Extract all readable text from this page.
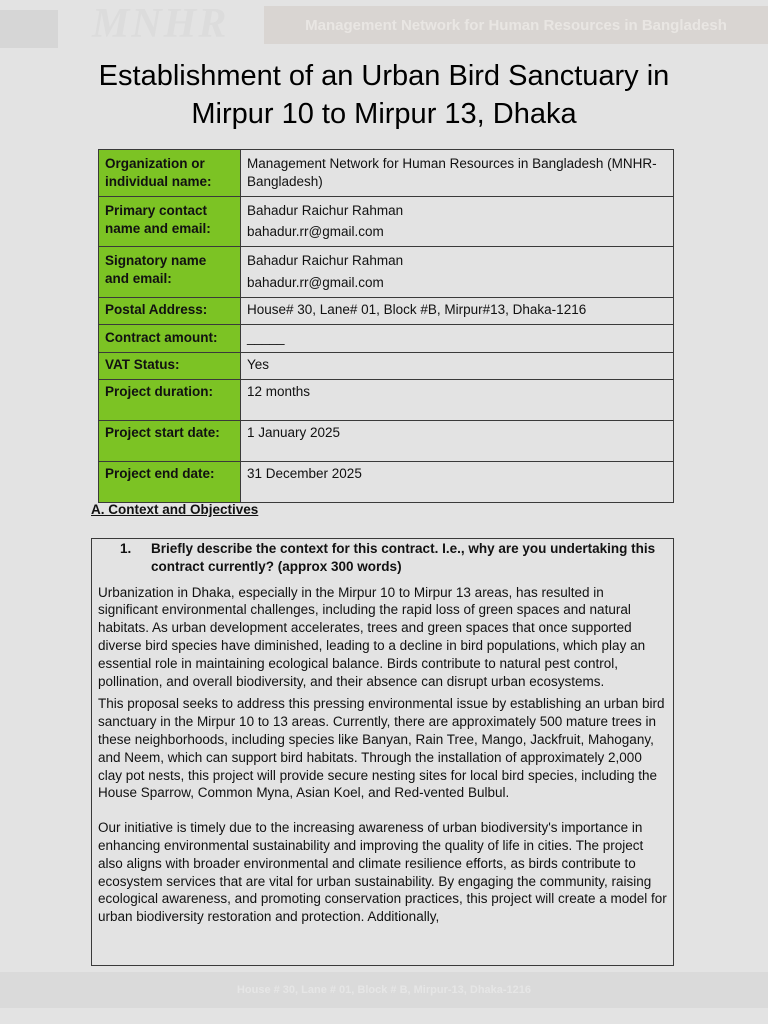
MNHR	Management Network for Human Resources in Bangladesh
Establishment of an Urban Bird Sanctuary in Mirpur 10 to Mirpur 13, Dhaka
Organization or individual name:	Management Network for Human Resources in Bangladesh (MNHR-Bangladesh)
Primary contact name and email:	Bahadur Raichur Rahman
bahadur.rr@gmail.com

Signatory name and email:	Bahadur Raichur Rahman
bahadur.rr@gmail.com

Postal Address:	House# 30, Lane# 01, Block #B, Mirpur#13, Dhaka-1216
Contract amount:	_____
VAT Status:	Yes
Project duration:	12 months
Project start date:	1 January 2025
Project end date:	31 December 2025
A. Context and Objectives
1.	Briefly describe the context for this contract. I.e., why are you undertaking this contract currently? (approx 300 words)

Urbanization in Dhaka, especially in the Mirpur 10 to Mirpur 13 areas, has resulted in significant environmental challenges, including the rapid loss of green spaces and natural habitats. As urban development accelerates, trees and green spaces that once supported diverse bird species have diminished, leading to a decline in bird populations, which play an essential role in maintaining ecological balance. Birds contribute to natural pest control, pollination, and overall biodiversity, and their absence can disrupt urban ecosystems.

This proposal seeks to address this pressing environmental issue by establishing an urban bird sanctuary in the Mirpur 10 to 13 areas. Currently, there are approximately 500 mature trees in these neighborhoods, including species like Banyan, Rain Tree, Mango, Jackfruit, Mahogany, and Neem, which can support bird habitats. Through the installation of approximately 2,000 clay pot nests, this project will provide secure nesting sites for local bird species, including the House Sparrow, Common Myna, Asian Koel, and Red-vented Bulbul.

Our initiative is timely due to the increasing awareness of urban biodiversity's importance in enhancing environmental sustainability and improving the quality of life in cities. The project also aligns with broader environmental and climate resilience efforts, as birds contribute to ecosystem services that are vital for urban sustainability. By engaging the community, raising ecological awareness, and promoting conservation practices, this project will create a model for urban biodiversity restoration and protection. Additionally,

House # 30, Lane # 01, Block # B, Mirpur-13, Dhaka-1216
